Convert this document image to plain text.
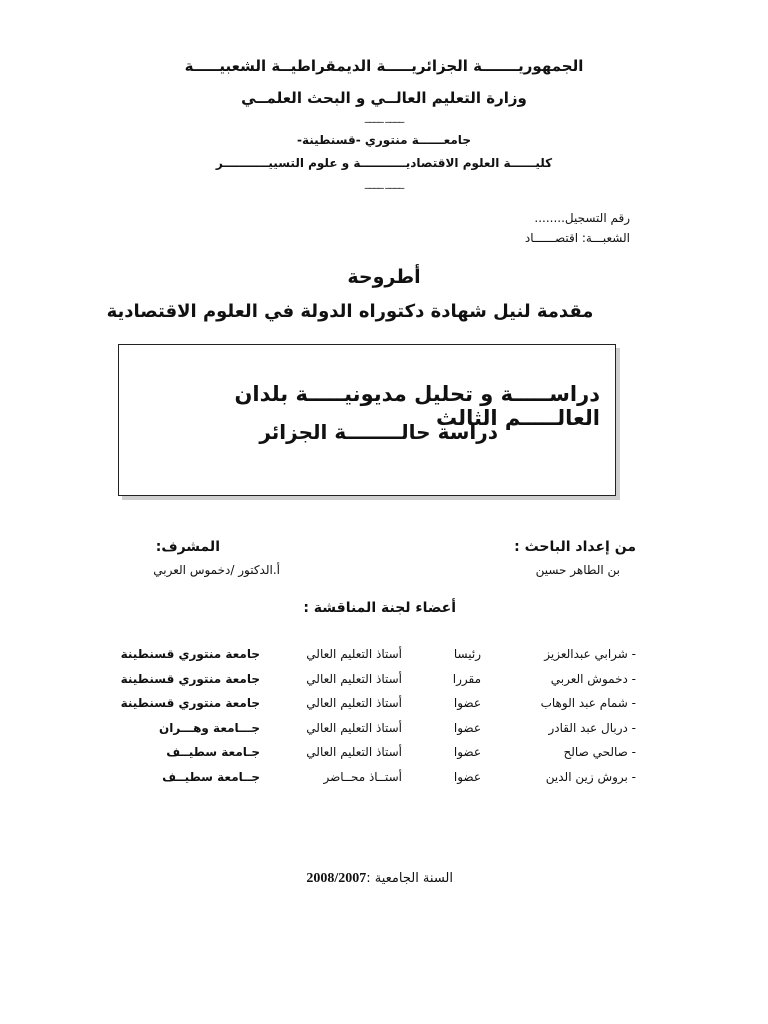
الجمهوريـــــــة الجزائريـــــة الديمقراطيــة الشعبيـــــة
وزارة التعليم العالــي و البحث العلمــي
____ ____
جامعــــــة منتوري -قسنطينة-
كليــــــة العلوم الاقتصاديـــــــــــة و علوم التسييـــــــــــر
____ ____
رقم التسجيل........
الشعبـــة: اقتصــــــاد
أطروحة
مقدمة لنيل شهادة دكتوراه الدولة في العلوم الاقتصادية
دراســـــة و تحليل مديونيـــــة بلدان العالـــــم الثالث
دراسة حالــــــــة الجزائر
من إعداد الباحث :
بن الطاهر حسين
المشرف:
أ.الدكتور /دخموس العربي
أعضاء لجنة المناقشة :
- شرابي عبدالعزيز
رئيسا
أستاذ التعليم العالي
جامعة منتوري قسنطينة
- دخموش العربي
مقررا
أستاذ التعليم العالي
جامعة منتوري قسنطينة
- شمام عبد الوهاب
عضوا
أستاذ التعليم العالي
جامعة منتوري قسنطينة
- دربال عبد القادر
عضوا
أستاذ التعليم العالي
جـــامعة وهـــران
- صالحي صالح
عضوا
أستاذ التعليم العالي
جـامعة سطيــف
- بروش زين الدين
عضوا
أستــاذ محــاضر
جــامعة سطيــف
السنة الجامعية :2008/2007
